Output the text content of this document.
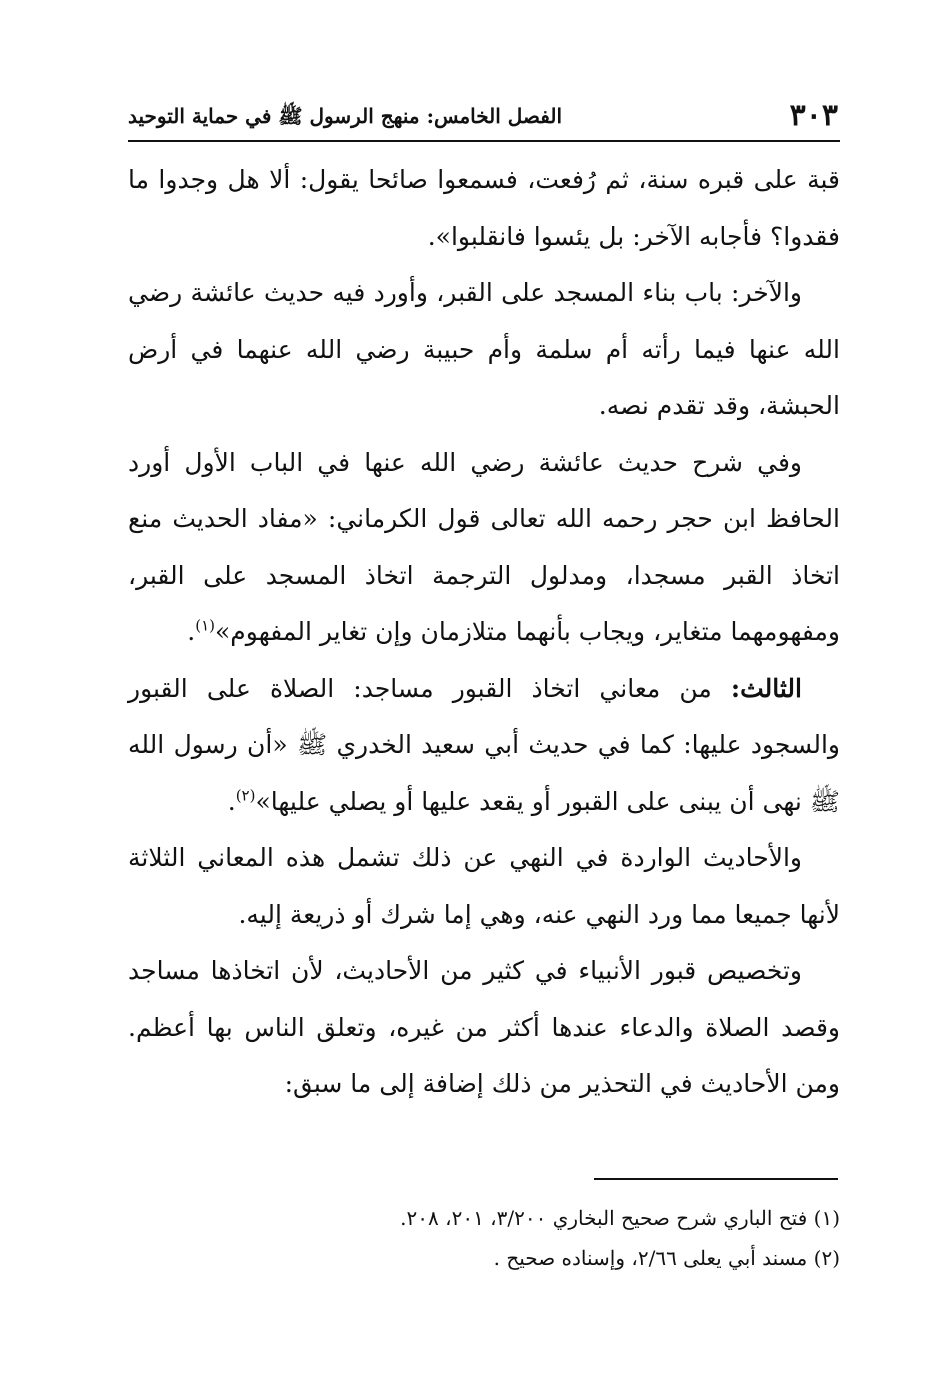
٣٠٣
الفصل الخامس: منهج الرسول ﷺ في حماية التوحيد

قبة على قبره سنة، ثم رُفعت، فسمعوا صائحا يقول: ألا هل وجدوا ما فقدوا؟ فأجابه الآخر: بل يئسوا فانقلبوا».

والآخر: باب بناء المسجد على القبر، وأورد فيه حديث عائشة رضي الله عنها فيما رأته أم سلمة وأم حبيبة رضي الله عنهما في أرض الحبشة، وقد تقدم نصه.

وفي شرح حديث عائشة رضي الله عنها في الباب الأول أورد الحافظ ابن حجر رحمه الله تعالى قول الكرماني: «مفاد الحديث منع اتخاذ القبر مسجدا، ومدلول الترجمة اتخاذ المسجد على القبر، ومفهومهما متغاير، ويجاب بأنهما متلازمان وإن تغاير المفهوم»$^{(١)}$.

الثالث: من معاني اتخاذ القبور مساجد: الصلاة على القبور والسجود عليها: كما في حديث أبي سعيد الخدري ﷺ «أن رسول الله ﷺ نهى أن يبنى على القبور أو يقعد عليها أو يصلي عليها»$^{(٢)}$.

والأحاديث الواردة في النهي عن ذلك تشمل هذه المعاني الثلاثة لأنها جميعا مما ورد النهي عنه، وهي إما شرك أو ذريعة إليه.

وتخصيص قبور الأنبياء في كثير من الأحاديث، لأن اتخاذها مساجد وقصد الصلاة والدعاء عندها أكثر من غيره، وتعلق الناس بها أعظم. ومن الأحاديث في التحذير من ذلك إضافة إلى ما سبق:

(١) فتح الباري شرح صحيح البخاري ٣/٢٠٠، ٢٠١، ٢٠٨.

(٢) مسند أبي يعلى ٢/٦٦، وإسناده صحيح .
